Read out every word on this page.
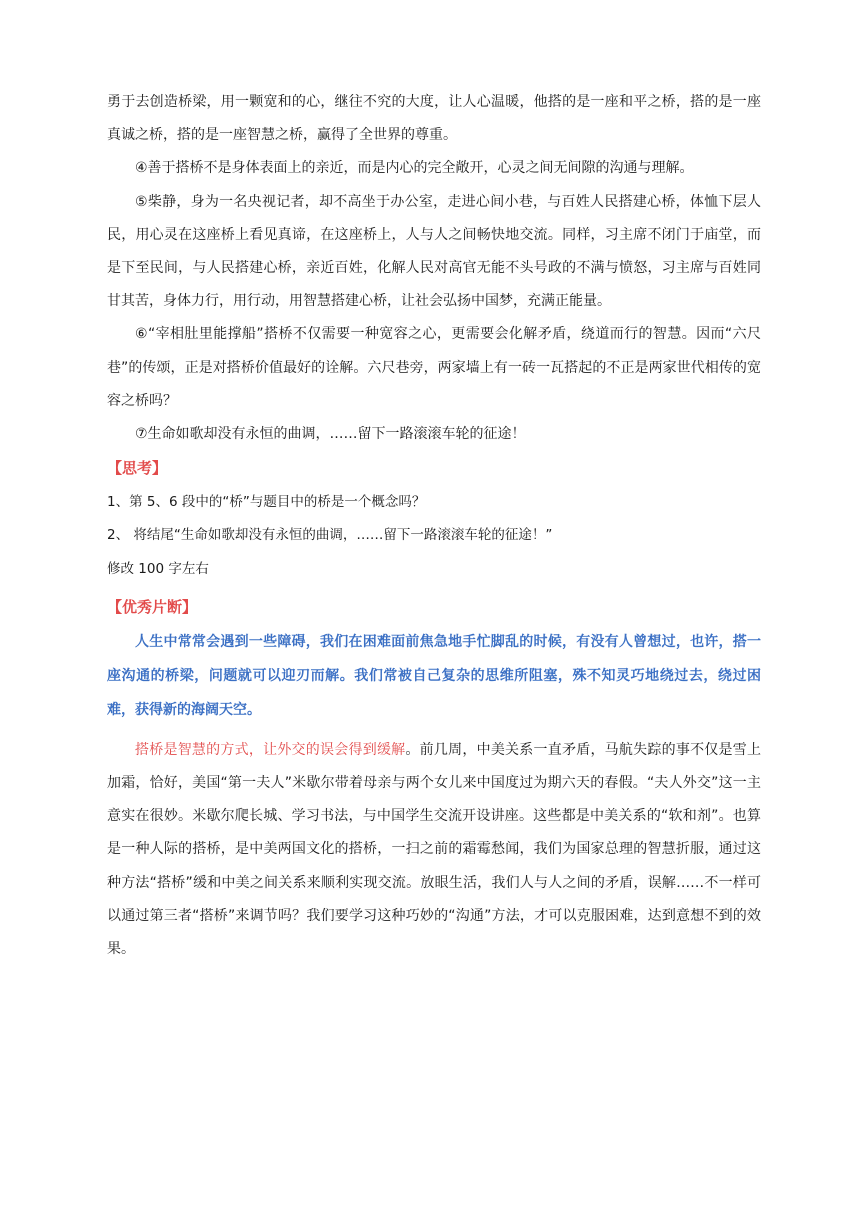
勇于去创造桥梁，用一颗宽和的心，继往不究的大度，让人心温暖，他搭的是一座和平之桥，搭的是一座真诚之桥，搭的是一座智慧之桥，赢得了全世界的尊重。

④善于搭桥不是身体表面上的亲近，而是内心的完全敞开，心灵之间无间隙的沟通与理解。

⑤柴静，身为一名央视记者，却不高坐于办公室，走进心间小巷，与百姓人民搭建心桥，体恤下层人民，用心灵在这座桥上看见真谛，在这座桥上，人与人之间畅快地交流。同样，习主席不闭门于庙堂，而是下至民间，与人民搭建心桥，亲近百姓，化解人民对高官无能不头号政的不满与愤怒，习主席与百姓同甘其苦，身体力行，用行动，用智慧搭建心桥，让社会弘扬中国梦，充满正能量。

⑥“宰相肚里能撑船”搭桥不仅需要一种宽容之心，更需要会化解矛盾，绕道而行的智慧。因而“六尺巷”的传颂，正是对搭桥价值最好的诠解。六尺巷旁，两家墙上有一砖一瓦搭起的不正是两家世代相传的宽容之桥吗？

⑦生命如歌却没有永恒的曲调，……留下一路滚滚车轮的征途！

【思考】

1、第 5、6 段中的“桥”与题目中的桥是一个概念吗？

2、 将结尾“生命如歌却没有永恒的曲调，……留下一路滚滚车轮的征途！”

修改 100 字左右

【优秀片断】

人生中常常会遇到一些障碍，我们在困难面前焦急地手忙脚乱的时候，有没有人曾想过，也许，搭一座沟通的桥梁，问题就可以迎刃而解。我们常被自己复杂的思维所阻塞，殊不知灵巧地绕过去，绕过困难，获得新的海阔天空。

搭桥是智慧的方式，让外交的误会得到缓解。前几周，中美关系一直矛盾，马航失踪的事不仅是雪上加霜，恰好，美国“第一夫人”米歇尔带着母亲与两个女儿来中国度过为期六天的春假。“夫人外交”这一主意实在很妙。米歇尔爬长城、学习书法，与中国学生交流开设讲座。这些都是中美关系的“软和剂”。也算是一种人际的搭桥，是中美两国文化的搭桥，一扫之前的霜霉愁闻，我们为国家总理的智慧折服，通过这种方法“搭桥”缓和中美之间关系来顺利实现交流。放眼生活，我们人与人之间的矛盾，误解……不一样可以通过第三者“搭桥”来调节吗？我们要学习这种巧妙的“沟通”方法，才可以克服困难，达到意想不到的效果。
